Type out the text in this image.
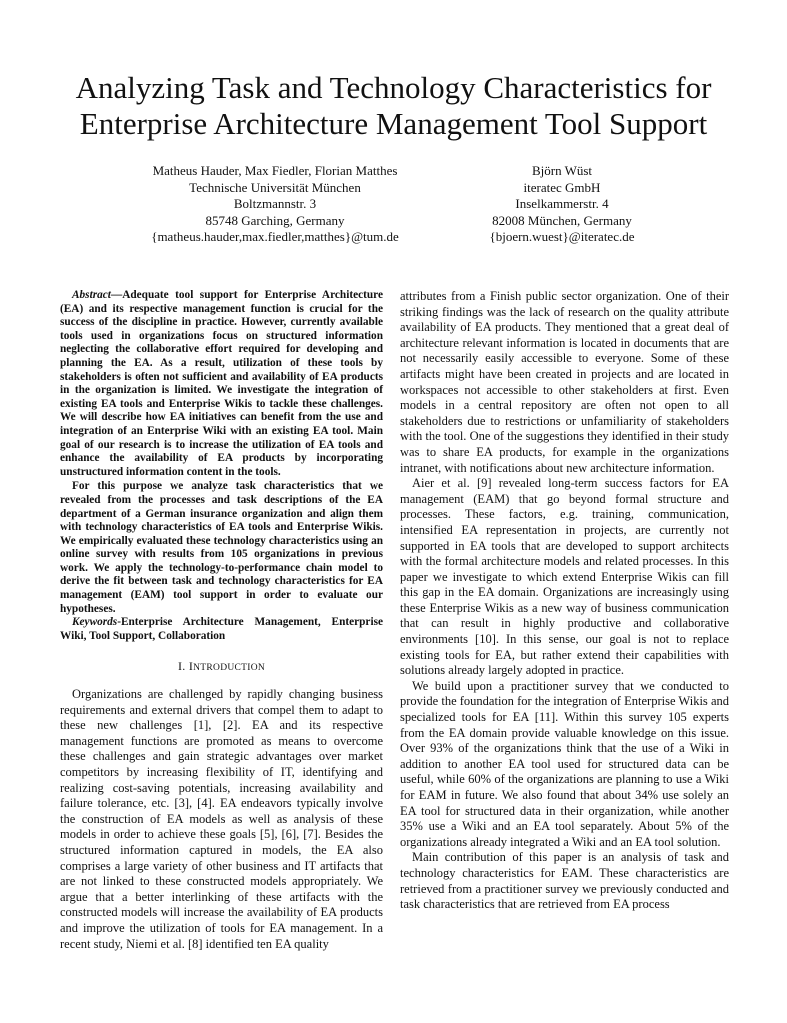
Analyzing Task and Technology Characteristics for
Enterprise Architecture Management Tool Support
Matheus Hauder, Max Fiedler, Florian Matthes
Technische Universität München
Boltzmannstr. 3
85748 Garching, Germany
{matheus.hauder,max.fiedler,matthes}@tum.de
Björn Wüst
iteratec GmbH
Inselkammerstr. 4
82008 München, Germany
{bjoern.wuest}@iteratec.de

Abstract—Adequate tool support for Enterprise Architecture (EA) and its respective management function is crucial for the success of the discipline in practice. However, currently available tools used in organizations focus on structured information neglecting the collaborative effort required for developing and planning the EA. As a result, utilization of these tools by stakeholders is often not sufficient and availability of EA products in the organization is limited. We investigate the integration of existing EA tools and Enterprise Wikis to tackle these challenges. We will describe how EA initiatives can benefit from the use and integration of an Enterprise Wiki with an existing EA tool. Main goal of our research is to increase the utilization of EA tools and enhance the availability of EA products by incorporating unstructured information content in the tools.

For this purpose we analyze task characteristics that we revealed from the processes and task descriptions of the EA department of a German insurance organization and align them with technology characteristics of EA tools and Enterprise Wikis. We empirically evaluated these technology characteristics using an online survey with results from 105 organizations in previous work. We apply the technology-to-performance chain model to derive the fit between task and technology characteristics for EA management (EAM) tool support in order to evaluate our hypotheses.

Keywords-Enterprise Architecture Management, Enterprise Wiki, Tool Support, Collaboration

I. INTRODUCTION

Organizations are challenged by rapidly changing business requirements and external drivers that compel them to adapt to these new challenges [1], [2]. EA and its respective management functions are promoted as means to overcome these challenges and gain strategic advantages over market competitors by increasing flexibility of IT, identifying and realizing cost-saving potentials, increasing availability and failure tolerance, etc. [3], [4]. EA endeavors typically involve the construction of EA models as well as analysis of these models in order to achieve these goals [5], [6], [7]. Besides the structured information captured in models, the EA also comprises a large variety of other business and IT artifacts that are not linked to these constructed models appropriately. We argue that a better interlinking of these artifacts with the constructed models will increase the availability of EA products and improve the utilization of tools for EA management. In a recent study, Niemi et al. [8] identified ten EA quality

attributes from a Finish public sector organization. One of their striking findings was the lack of research on the quality attribute availability of EA products. They mentioned that a great deal of architecture relevant information is located in documents that are not necessarily easily accessible to everyone. Some of these artifacts might have been created in projects and are located in workspaces not accessible to other stakeholders at first. Even models in a central repository are often not open to all stakeholders due to restrictions or unfamiliarity of stakeholders with the tool. One of the suggestions they identified in their study was to share EA products, for example in the organizations intranet, with notifications about new architecture information.

Aier et al. [9] revealed long-term success factors for EA management (EAM) that go beyond formal structure and processes. These factors, e.g. training, communication, intensified EA representation in projects, are currently not supported in EA tools that are developed to support architects with the formal architecture models and related processes. In this paper we investigate to which extend Enterprise Wikis can fill this gap in the EA domain. Organizations are increasingly using these Enterprise Wikis as a new way of business communication that can result in highly productive and collaborative environments [10]. In this sense, our goal is not to replace existing tools for EA, but rather extend their capabilities with solutions already largely adopted in practice.

We build upon a practitioner survey that we conducted to provide the foundation for the integration of Enterprise Wikis and specialized tools for EA [11]. Within this survey 105 experts from the EA domain provide valuable knowledge on this issue. Over 93% of the organizations think that the use of a Wiki in addition to another EA tool used for structured data can be useful, while 60% of the organizations are planning to use a Wiki for EAM in future. We also found that about 34% use solely an EA tool for structured data in their organization, while another 35% use a Wiki and an EA tool separately. About 5% of the organizations already integrated a Wiki and an EA tool solution.

Main contribution of this paper is an analysis of task and technology characteristics for EAM. These characteristics are retrieved from a practitioner survey we previously conducted and task characteristics that are retrieved from EA process
